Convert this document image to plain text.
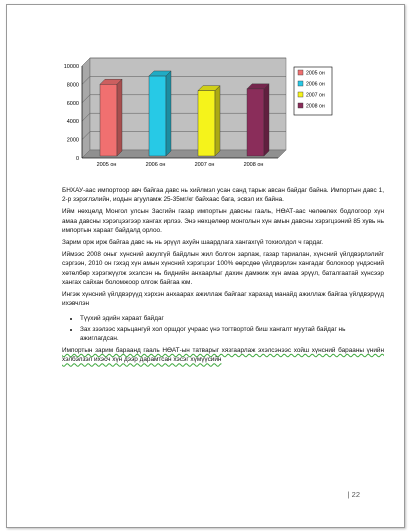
0
2000
4000
6000
8000
10000
2005 он	2006 он	2007 он	2008 он
2005 он
2006 он
2007 он
2008 он

БНХАУ-аас импортоор авч байгаа давс нь хийлмэл усан санд тарык авсан байдаг байна. Импортын давс 1, 2-р зэрэглэлийн, иодын агууламж 25-35мг/кг байхаас бага, эсвэл их байна.

Ийм нөхцөлд Монгол улсын Засгийн газар импортын давсны гааль, НӨАТ-аас чөлөөлөх бодлогоор хүн амаа давсны хэрэгцээгээр хангах ирлээ. Энэ нөхцөлөөр монголын хүн амын давсны хэрэгцээний 85 хувь нь импортын хараат байдалд орлоо.

Зарим орж ирж байгаа давс нь нь эрүүл ахуйн шаардлага хангахгүй тохиолдол ч гардаг.

Иймээс 2008 оныг хүнсний аюулгүй байдлын жил болгон зарлаж, газар тариалан, хүнсний үйлдвэрлэлийг сэргээн, 2010 он гэхэд хүн амын хүнсний хэрэгцээг 100% өөрсдөө үйлдвэрлэн хангадаг болохоор үндэсний хөтөлбөр хэрэгжүүлж эхэлсэн нь биднийн анхаарлыг дахин дамжиж хүн амаа эрүүл, баталгаатай хүнсээр хангах сайхан боломжоор олгож байгаа юм.

Ингэж хүнсний үйлдвэрүүд хэрхэн анхаарах ажиллаж байгааг харахад манайд ажиллаж байгаа үйлдвэрүүд ихэвчлэн

• Түүхий эдийн хараат байдаг
• Зах зээлээс харьцангуй хол оршдог учраас үнэ тогтвортой биш хангалт муутай байдаг нь ажиглагдсан.

Импортын зарим бараанд гааль НӨАТ-ын татварыг хязгаарлаж эхэлсэнээс хойш хүнсний барааны үнийн хэлбэлзэл ихэсч хүн дээр дарамтсан хэсэг хүмүүсийн

| 22
